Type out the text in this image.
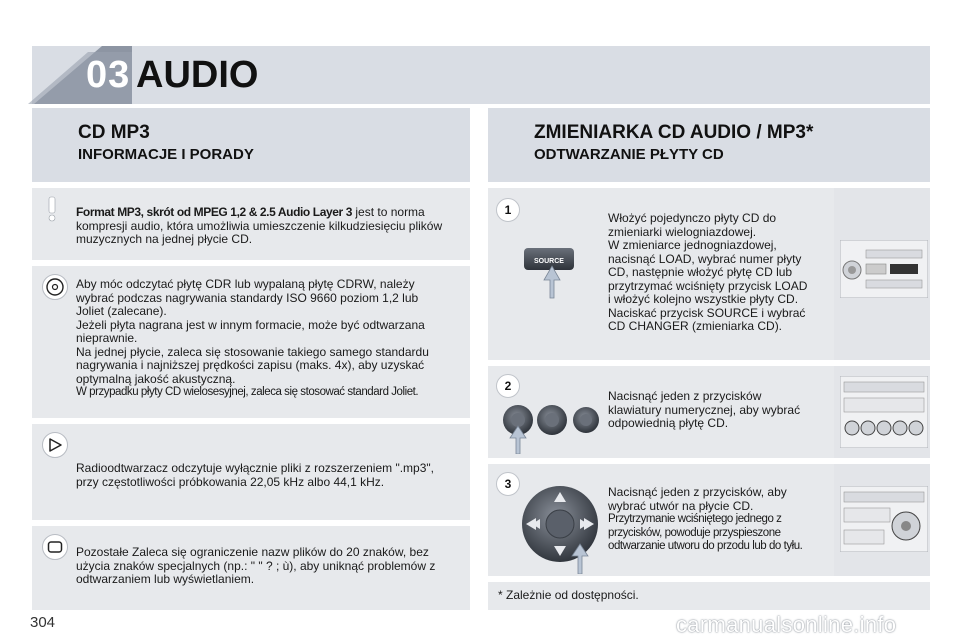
03 AUDIO
CD MP3
INFORMACJE I PORADY
ZMIENIARKA CD AUDIO / MP3*
ODTWARZANIE PŁYTY CD
Format MP3, skrót od MPEG 1,2 & 2.5 Audio Layer 3 jest to norma
kompresji audio, która umożliwia umieszczenie kilkudziesięciu plików
muzycznych na jednej płycie CD.
Aby móc odczytać płytę CDR lub wypalaną płytę CDRW, należy
wybrać podczas nagrywania standardy ISO 9660 poziom 1,2 lub
Joliet (zalecane).
Jeżeli płyta nagrana jest w innym formacie, może być odtwarzana
nieprawnie.
Na jednej płycie, zaleca się stosowanie takiego samego standardu
nagrywania i najniższej prędkości zapisu (maks. 4x), aby uzyskać
optymalną jakość akustyczną.
W przypadku płyty CD wielosesyjnej, zaleca się stosować standard Joliet.
Radioodtwarzacz odczytuje wyłącznie pliki z rozszerzeniem ".mp3",
przy częstotliwości próbkowania 22,05 kHz albo 44,1 kHz.
Pozostałe Zaleca się ograniczenie nazw plików do 20 znaków, bez
użycia znaków specjalnych (np.: " " ? ; ù), aby uniknąć problemów z
odtwarzaniem lub wyświetlaniem.
1
SOURCE
Włożyć pojedynczo płyty CD do
zmieniarki wielogniazdowej.
W zmieniarce jednogniazdowej,
nacisnąć LOAD, wybrać numer płyty
CD, następnie włożyć płytę CD lub
przytrzymać wciśnięty przycisk LOAD
i włożyć kolejno wszystkie płyty CD.
Naciskać przycisk SOURCE i wybrać
CD CHANGER (zmieniarka CD).
2
Nacisnąć jeden z przycisków
klawiatury numerycznej, aby wybrać
odpowiednią płytę CD.
3
Nacisnąć jeden z przycisków, aby
wybrać utwór na płycie CD.
Przytrzymanie wciśniętego jednego z
przycisków, powoduje przyspieszone
odtwarzanie utworu do przodu lub do tyłu.
* Zależnie od dostępności.
304	carmanualsonline.info
